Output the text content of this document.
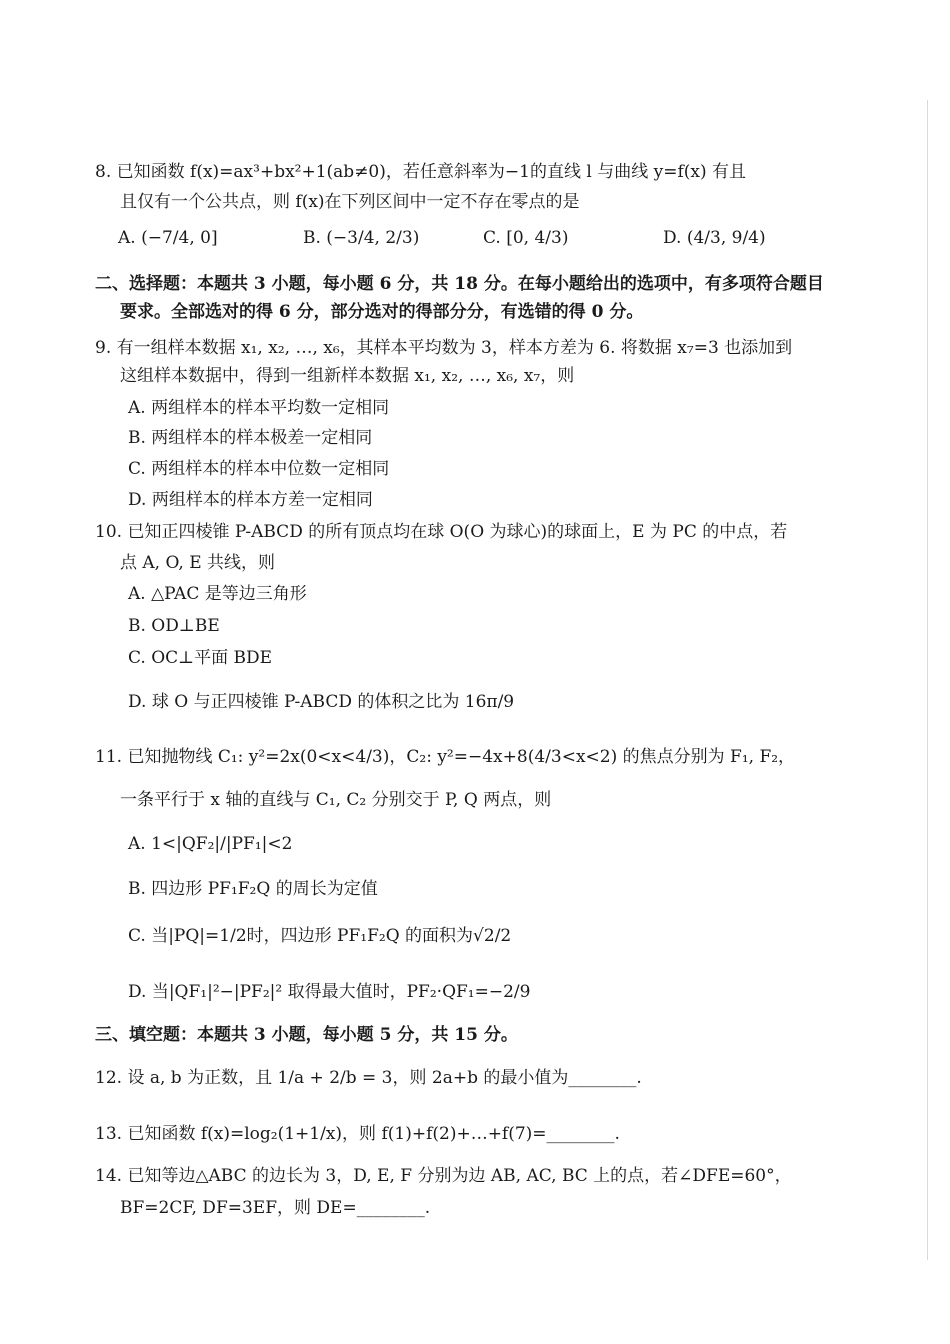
8. 已知函数 f(x)=ax³+bx²+1(ab≠0)，若任意斜率为−1的直线 l 与曲线 y=f(x) 有且
且仅有一个公共点，则 f(x)在下列区间中一定不存在零点的是
A. (−7/4, 0]	B. (−3/4, 2/3)	C. [0, 4/3)	D. (4/3, 9/4)
二、选择题：本题共 3 小题，每小题 6 分，共 18 分。在每小题给出的选项中，有多项符合题目
要求。全部选对的得 6 分，部分选对的得部分分，有选错的得 0 分。
9. 有一组样本数据 x₁, x₂, …, x₆，其样本平均数为 3，样本方差为 6. 将数据 x₇=3 也添加到
这组样本数据中，得到一组新样本数据 x₁, x₂, …, x₆, x₇，则
A. 两组样本的样本平均数一定相同
B. 两组样本的样本极差一定相同
C. 两组样本的样本中位数一定相同
D. 两组样本的样本方差一定相同
10. 已知正四棱锥 P-ABCD 的所有顶点均在球 O(O 为球心)的球面上，E 为 PC 的中点，若
点 A, O, E 共线，则
A. △PAC 是等边三角形
B. OD⊥BE
C. OC⊥平面 BDE
D. 球 O 与正四棱锥 P-ABCD 的体积之比为 16π/9
11. 已知抛物线 C₁: y²=2x(0<x<4/3)，C₂: y²=−4x+8(4/3<x<2) 的焦点分别为 F₁, F₂，
一条平行于 x 轴的直线与 C₁, C₂ 分别交于 P, Q 两点，则
A. 1<|QF₂|/|PF₁|<2
B. 四边形 PF₁F₂Q 的周长为定值
C. 当|PQ|=1/2时，四边形 PF₁F₂Q 的面积为√2/2
D. 当|QF₁|²−|PF₂|² 取得最大值时，PF₂·QF₁=−2/9
三、填空题：本题共 3 小题，每小题 5 分，共 15 分。
12. 设 a, b 为正数，且 1/a + 2/b = 3，则 2a+b 的最小值为________.
13. 已知函数 f(x)=log₂(1+1/x)，则 f(1)+f(2)+…+f(7)=________.
14. 已知等边△ABC 的边长为 3，D, E, F 分别为边 AB, AC, BC 上的点，若∠DFE=60°，
BF=2CF, DF=3EF，则 DE=________.
